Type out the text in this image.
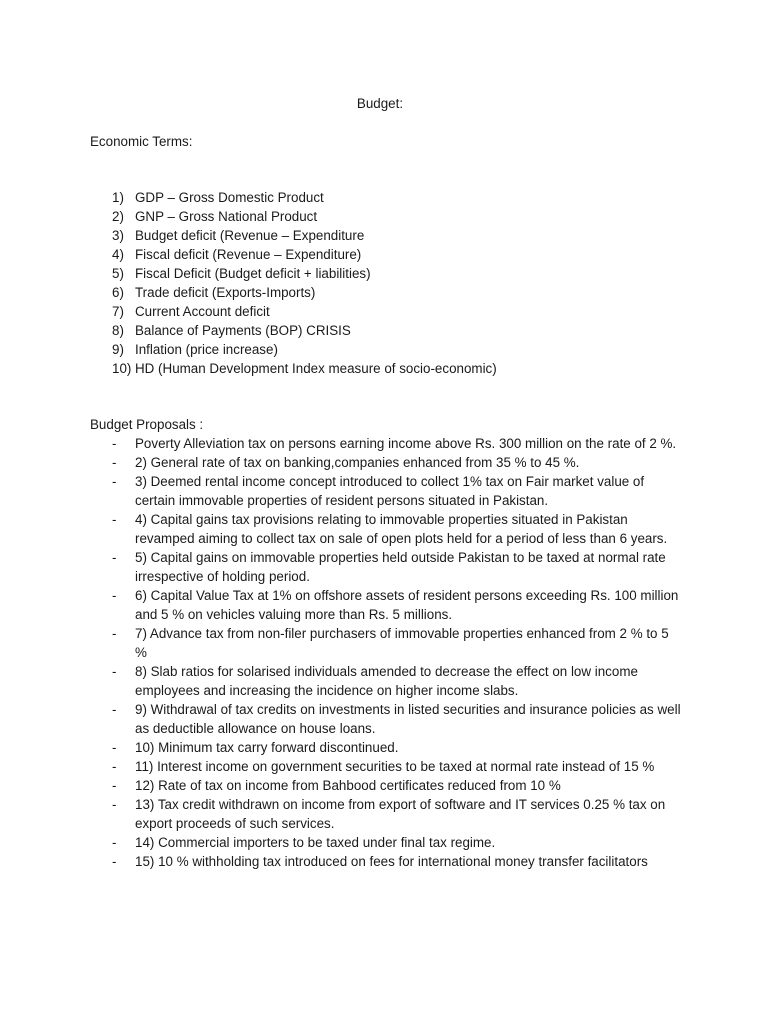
Budget:
Economic Terms:
1) GDP – Gross Domestic Product
2) GNP – Gross National Product
3) Budget deficit (Revenue – Expenditure
4) Fiscal deficit (Revenue – Expenditure)
5) Fiscal Deficit (Budget deficit + liabilities)
6) Trade deficit (Exports-Imports)
7) Current Account deficit
8) Balance of Payments (BOP) CRISIS
9) Inflation (price increase)
10) HD (Human Development Index measure of socio-economic)
Budget Proposals :
-	Poverty Alleviation tax on persons earning income above Rs. 300 million on the rate of 2 %.
-	2) General rate of tax on banking,companies enhanced from 35 % to 45 %.
-	3) Deemed rental income concept introduced to collect 1% tax on Fair market value of certain immovable properties of resident persons situated in Pakistan.
-	4) Capital gains tax provisions relating to immovable properties situated in Pakistan revamped aiming to collect tax on sale of open plots held for a period of less than 6 years.
-	5) Capital gains on immovable properties held outside Pakistan to be taxed at normal rate irrespective of holding period.
-	6) Capital Value Tax at 1% on offshore assets of resident persons exceeding Rs. 100 million and 5 % on vehicles valuing more than Rs. 5 millions.
-	7) Advance tax from non-filer purchasers of immovable properties enhanced from 2 % to 5 %
-	8) Slab ratios for solarised individuals amended to decrease the effect on low income employees and increasing the incidence on higher income slabs.
-	9) Withdrawal of tax credits on investments in listed securities and insurance policies as well as deductible allowance on house loans.
-	10) Minimum tax carry forward discontinued.
-	11) Interest income on government securities to be taxed at normal rate instead of 15 %
-	12) Rate of tax on income from Bahbood certificates reduced from 10 %
-	13) Tax credit withdrawn on income from export of software and IT services 0.25 % tax on export proceeds of such services.
-	14) Commercial importers to be taxed under final tax regime.
-	15) 10 % withholding tax introduced on fees for international money transfer facilitators
